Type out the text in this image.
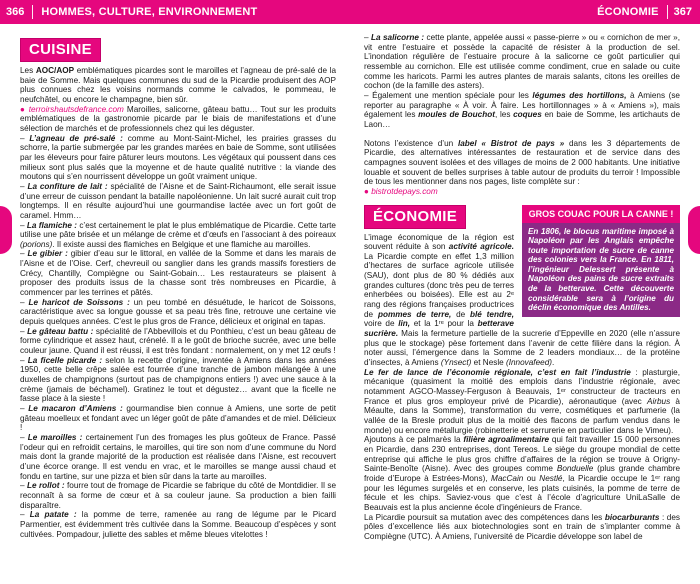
366	HOMMES, CULTURE, ENVIRONNEMENT	ÉCONOMIE	367
CUISINE

Les AOC/AOP emblématiques picardes sont le maroilles et l’agneau de pré-salé de la baie de Somme. Mais quelques communes du sud de la Picardie produisent des AOP plus connues chez les voisins normands comme le calvados, le pommeau, le neufchâtel, ou encore le champagne, bien sûr.

● terroirshautsdefrance.com Maroilles, salicorne, gâteau battu… Tout sur les produits emblématiques de la gastronomie picarde par le biais de manifestations et d’une sélection de marchés et de professionnels chez qui les déguster.

– L’agneau de pré-salé : comme au Mont-Saint-Michel, les prairies grasses du schorre, la partie submergée par les grandes marées en baie de Somme, sont utilisées par les éleveurs pour faire pâturer leurs moutons. Les végétaux qui poussent dans ces milieux sont plus salés que la moyenne et de haute qualité nutritive : la viande des moutons qui s’en nourrissent développe un goût vraiment unique.

– La confiture de lait : spécialité de l’Aisne et de Saint-Richaumont, elle serait issue d’une erreur de cuisson pendant la bataille napoléonienne. Un lait sucré aurait cuit trop longtemps. Il en résulte aujourd’hui une gourmandise lactée avec un fort goût de caramel. Hmm…

– La flamiche : c’est certainement le plat le plus emblématique de Picardie. Cette tarte utilise une pâte brisée et un mélange de crème et d’œufs en l’associant à des poireaux (porions). Il existe aussi des flamiches en Belgique et une flamiche au maroilles.

– Le gibier : gibier d’eau sur le littoral, en vallée de la Somme et dans les marais de l’Aisne et de l’Oise. Cerf, chevreuil ou sanglier dans les grands massifs forestiers de Crécy, Chantilly, Compiègne ou Saint-Gobain… Les restaurateurs se plaisent à proposer des produits issus de la chasse sont très nombreuses en Picardie, à commencer par les terrines et pâtés.

– Le haricot de Soissons : un peu tombé en désuétude, le haricot de Soissons, caractéristique avec sa longue gousse et sa peau très fine, retrouve une certaine vie depuis quelques années. C’est le plus gros de France, délicieux et original en tapas.

– Le gâteau battu : spécialité de l’Abbevillois et du Ponthieu, c’est un beau gâteau de forme cylindrique et assez haut, crénelé. Il a le goût de brioche sucrée, avec une belle couleur jaune. Quand il est réussi, il est très fondant : normalement, on y met 12 œufs !

– La ficelle picarde : selon la recette d’origine, inventée à Amiens dans les années 1950, cette belle crêpe salée est fourrée d’une tranche de jambon mélangée à une duxelles de champignons (surtout pas de champignons entiers !) avec une sauce à la crème (jamais de béchamel). Gratinez le tout et dégustez… avant que la ficelle ne fasse place à la sieste !

– Le macaron d’Amiens : gourmandise bien connue à Amiens, une sorte de petit gâteau moelleux et fondant avec un léger goût de pâte d’amandes et de miel. Délicieux !

– Le maroilles : certainement l’un des fromages les plus goûteux de France. Passé l’odeur qui en refroidit certains, le maroilles, qui tire son nom d’une commune du Nord mais dont la grande majorité de la production est réalisée dans l’Aisne, est recouvert d’une écorce orange. Il est vendu en vrac, et le maroilles se mange aussi chaud et fondu en tartine, sur une pizza et bien sûr dans la tarte au maroilles.

– Le rollot : fourre tout de fromage de Picardie se fabrique du côté de Montdidier. Il se reconnaît à sa forme de cœur et à sa couleur jaune. Sa production a bien failli disparaître.

– La patate : la pomme de terre, ramenée au rang de légume par le Picard Parmentier, est évidemment très cultivée dans la Somme. Beaucoup d’espèces y sont cultivées. Pompadour, juliette des sables et même bleues vitelottes !

– La salicorne : cette plante, appelée aussi « passe-pierre » ou « cornichon de mer », vit entre l’estuaire et possède la capacité de résister à la production de sel. L’inondation régulière de l’estuaire procure à la salicorne ce goût particulier qui ressemble au cornichon. Elle est utilisée comme condiment, crue en salade ou cuite comme les haricots. Parmi les autres plantes de marais salants, citons les oreilles de cochon (de la famille des asters).

– Également une mention spéciale pour les légumes des hortillons, à Amiens (se reporter au paragraphe « À voir. À faire. Les hortillonnages » à « Amiens »), mais également les moules de Bouchot, les coques en baie de Somme, les artichauts de Laon…

Notons l’existence d’un label « Bistrot de pays » dans les 3 départements de Picardie, des alternatives intéressantes de restauration et de service dans des campagnes souvent isolées et des villages de moins de 2 000 habitants. Une initiative louable et souvent de belles surprises à table autour de produits du terroir ! Impossible de tous les mentionner dans nos pages, liste complète sur :

● bistrotdepays.com

ÉCONOMIE	GROS COUAC POUR LA CANNE !
En 1806, le blocus maritime imposé à Napoléon par les Anglais empêche toute importation de sucre de canne des colonies vers la France. En 1811, l’ingénieur Delessert présente à Napoléon des pains de sucre extraits de la betterave. Cette découverte considérable sera à l’origine du déclin économique des Antilles.

L’image économique de la région est souvent réduite à son activité agricole. La Picardie compte en effet 1,3 million d’hectares de surface agricole utilisée (SAU), dont plus de 80 % dédiés aux grandes cultures (donc très peu de terres enherbées ou boisées). Elle est au 2ᵉ rang des régions françaises productrices de pommes de terre, de blé tendre, voire de lin, et la 1ʳᵉ pour la betterave sucrière. Mais la fermeture partielle de la sucrerie d’Eppeville en 2020 (elle n’assure plus que le stockage) pèse fortement dans l’avenir de cette filière dans la région. À noter aussi, l’émergence dans la Somme de 2 leaders mondiaux… de la protéine d’insectes, à Amiens (Ynsect) et Nesle (Innovafeed).

Le fer de lance de l’économie régionale, c’est en fait l’industrie : plasturgie, mécanique (quasiment la moitié des emplois dans l’industrie régionale, avec notamment AGCO-Massey-Ferguson à Beauvais, 1ᵉʳ constructeur de tracteurs en France et plus gros employeur privé de Picardie), aéronautique (avec Airbus à Méaulte, dans la Somme), transformation du verre, cosmétiques et parfumerie (la vallée de la Bresle produit plus de la moitié des flacons de parfum vendus dans le monde) ou encore métallurgie (robinetterie et serrurerie en particulier dans le Vimeu).

Ajoutons à ce palmarès la filière agroalimentaire qui fait travailler 15 000 personnes en Picardie, dans 230 entreprises, dont Tereos. Le siège du groupe mondial de cette entreprise qui affiche le plus gros chiffre d’affaires de la région se trouve à Origny-Sainte-Benoîte (Aisne). Avec des groupes comme Bonduelle (plus grande chambre froide d’Europe à Estrées-Mons), MacCain ou Nestlé, la Picardie occupe le 1ᵉʳ rang pour les légumes surgelés et en conserve, les plats cuisinés, la pomme de terre de fécule et les chips. Saviez-vous que c’est à l’école d’agriculture UniLaSalle de Beauvais est la plus ancienne école d’ingénieurs de France.

La Picardie poursuit sa mutation avec des compétences dans les biocarburants : des pôles d’excellence liés aux biotechnologies sont en train de s’implanter comme à Compiègne (UTC). À Amiens, l’université de Picardie développe son label de
